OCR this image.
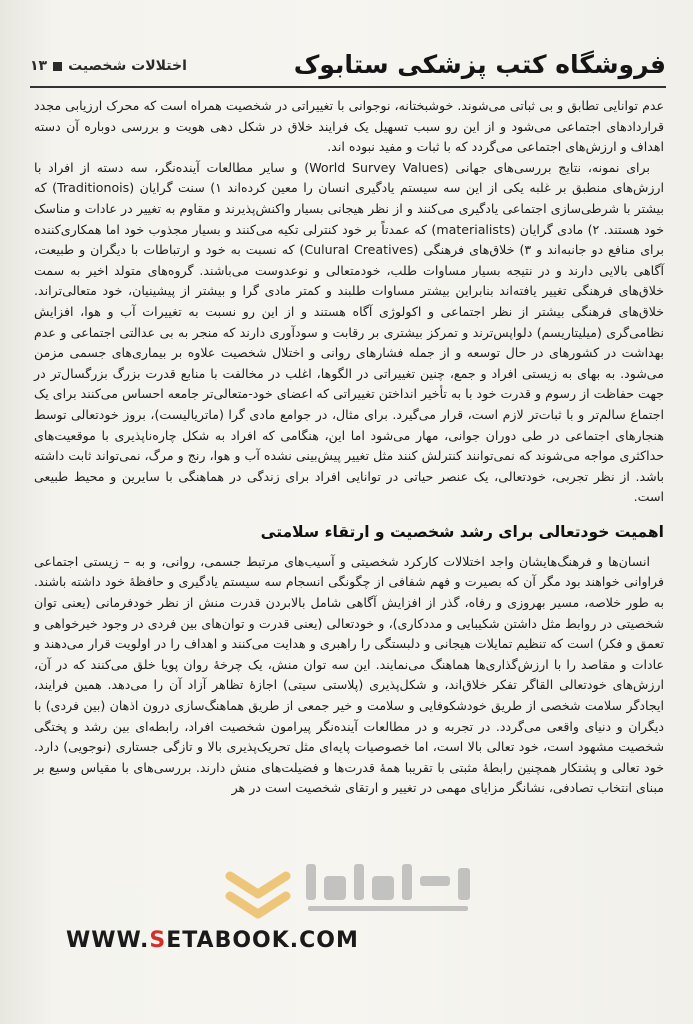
فروشگاه کتب پزشکی ستابوک
اختلالات شخصیت۱۳

عدم توانایی تطابق و بی ثباتی می‌شوند. خوشبختانه، نوجوانی با تغییراتی در شخصیت همراه است که محرک ارزیابی مجدد قراردادهای اجتماعی می‌شود و از این رو سبب تسهیل یک فرایند خلاق در شکل دهی هویت و بررسی دوباره آن دسته اهداف و ارزش‌های اجتماعی می‌گردد که با ثبات و مفید نبوده اند.

برای نمونه، نتایج بررسی‌های جهانی (World Survey Values) و سایر مطالعات آینده‌نگر، سه دسته از افراد با ارزش‌های منطبق بر غلبه یکی از این سه سیستم یادگیری انسان را معین کرده‌اند ۱) سنت گرایان (Traditionois) که بیشتر با شرطی‌سازی اجتماعی یادگیری می‌کنند و از نظر هیجانی بسیار واکنش‌پذیرند و مقاوم به تغییر در عادات و مناسک خود هستند. ۲) مادی گرایان (materialists) که عمدتاً بر خود کنترلی تکیه می‌کنند و بسیار مجذوب خود اما همکاری‌کننده برای منافع دو جانبه‌اند و ۳) خلاق‌های فرهنگی (Culural Creatives) که نسبت به خود و ارتباطات با دیگران و طبیعت، آگاهی بالایی دارند و در نتیجه بسیار مساوات طلب، خودمتعالی و نوعدوست می‌باشند. گروه‌های متولد اخیر به سمت خلاق‌های فرهنگی تغییر یافته‌اند بنابراین بیشتر مساوات طلبند و کمتر مادی گرا و بیشتر از پیشینیان، خود متعالی‌تراند. خلاق‌های فرهنگی بیشتر از نظر اجتماعی و اکولوژی آگاه هستند و از این رو نسبت به تغییرات آب و هوا، افزایش نظامی‌گری (میلیتاریسم) دلواپس‌ترند و تمرکز بیشتری بر رقابت و سودآوری دارند که منجر به بی عدالتی اجتماعی و عدم بهداشت در کشورهای در حال توسعه و از جمله فشارهای روانی و اختلال شخصیت علاوه بر بیماری‌های جسمی مزمن می‌شود. به بهای به زیستی افراد و جمع، چنین تغییراتی در الگوها، اغلب در مخالفت با منابع قدرت بزرگ بزرگسال‌تر در جهت حفاظت از رسوم و قدرت خود با به تأخیر انداختن تغییراتی که اعضای خود-متعالی‌تر جامعه احساس می‌کنند برای یک اجتماع سالم‌تر و با ثبات‌تر لازم است، قرار می‌گیرد. برای مثال، در جوامع مادی گرا (ماتریالیست)، بروز خودتعالی توسط هنجارهای اجتماعی در طی دوران جوانی، مهار می‌شود اما این، هنگامی که افراد به شکل چاره‌ناپذیری با موقعیت‌های حداکثری مواجه می‌شوند که نمی‌توانند کنترلش کنند مثل تغییر پیش‌بینی نشده آب و هوا، رنج و مرگ، نمی‌تواند ثابت داشته باشد. از نظر تجربی، خودتعالی، یک عنصر حیاتی در توانایی افراد برای زندگی در هماهنگی با سایرین و محیط طبیعی است.

اهمیت خودتعالی برای رشد شخصیت و ارتقاء سلامتی

انسان‌ها و فرهنگ‌هایشان واجد اختلالات کارکرد شخصیتی و آسیب‌های مرتبط جسمی، روانی، و به – زیستی اجتماعی فراوانی خواهند بود مگر آن که بصیرت و فهم شفافی از چگونگی انسجام سه سیستم یادگیری و حافظهٔ خود داشته باشند. به طور خلاصه، مسیر بهروزی و رفاه، گذر از افزایش آگاهی شامل بالابردن قدرت منش از نظر خودفرمانی (یعنی توان شخصیتی در روابط مثل داشتن شکیبایی و مددکاری)، و خودتعالی (یعنی قدرت و توان‌های بین فردی در وجود خیرخواهی و تعمق و فکر) است که تنظیم تمایلات هیجانی و دلبستگی را راهبری و هدایت می‌کنند و اهداف را در اولویت قرار می‌دهند و عادات و مقاصد را با ارزش‌گذاری‌ها هماهنگ می‌نمایند. این سه توان منش، یک چرخهٔ روان پویا خلق می‌کنند که در آن، ارزش‌های خودتعالی القاگر تفکر خلاق‌اند، و شکل‌پذیری (پلاستی سیتی) اجازهٔ تظاهر آزاد آن را می‌دهد. همین فرایند، ایجادگر سلامت شخصی از طریق خودشکوفایی و سلامت و خیر جمعی از طریق هماهنگ‌سازی درون اذهان (بین فردی) با دیگران و دنیای واقعی می‌گردد. در تجربه و در مطالعات آینده‌نگر پیرامون شخصیت افراد، رابطه‌ای بین رشد و پختگی شخصیت مشهود است، خود تعالی بالا است، اما خصوصیات پایه‌ای مثل تحریک‌پذیری بالا و تازگی جستاری (نوجویی) دارد. خود تعالی و پشتکار همچنین رابطهٔ مثبتی با تقریبا همهٔ قدرت‌ها و فضیلت‌های منش دارند. بررسی‌های با مقیاس وسیع بر مبنای انتخاب تصادفی، نشانگر مزایای مهمی در تغییر و ارتقای شخصیت است در هر

WWW.SETABOOK.COM
